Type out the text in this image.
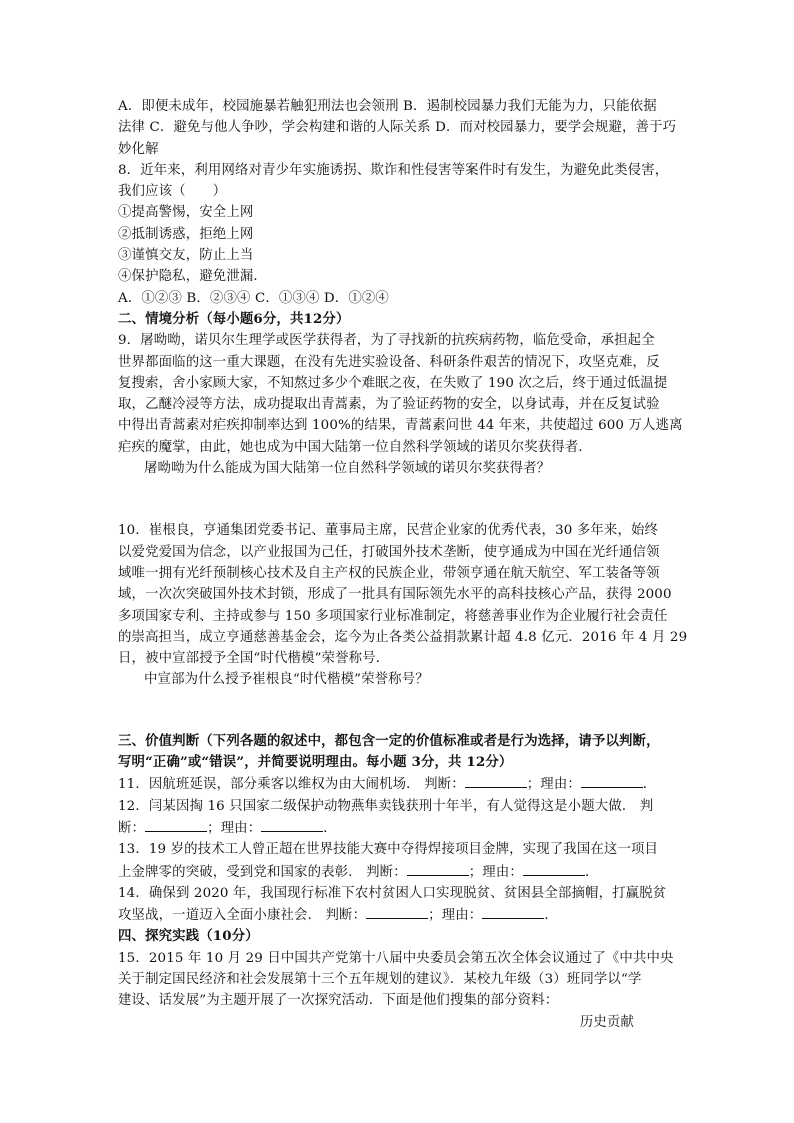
A．即便未成年，校园施暴若触犯刑法也会领刑 B．遏制校园暴力我们无能为力，只能依据
法律 C．避免与他人争吵，学会构建和谐的人际关系 D．而对校园暴力，要学会规避，善于巧
妙化解
8．近年来，利用网络对青少年实施诱拐、欺诈和性侵害等案件时有发生，为避免此类侵害，
我们应该（　　）
①提高警惕，安全上网
②抵制诱惑，拒绝上网
③谨慎交友，防止上当
④保护隐私，避免泄漏．
A．①②③ B．②③④ C．①③④ D．①②④
二、情境分析（每小题6分，共12分）
9．屠呦呦，诺贝尔生理学或医学获得者，为了寻找新的抗疾病药物，临危受命，承担起全
世界都面临的这一重大课题，在没有先进实验设备、科研条件艰苦的情况下，攻坚克难，反
复搜索，舍小家顾大家，不知熬过多少个难眠之夜，在失败了 190 次之后，终于通过低温提
取，乙醚冷浸等方法，成功提取出青蒿素，为了验证药物的安全，以身试毒，并在反复试验
中得出青蒿素对疟疾抑制率达到 100%的结果，青蒿素问世 44 年来，共使超过 600 万人逃离
疟疾的魔掌，由此，她也成为中国大陆第一位自然科学领域的诺贝尔奖获得者．
屠呦呦为什么能成为国大陆第一位自然科学领域的诺贝尔奖获得者？
10．崔根良，亨通集团党委书记、董事局主席，民营企业家的优秀代表，30 多年来，始终
以爱党爱国为信念，以产业报国为己任，打破国外技术垄断，使亨通成为中国在光纤通信领
域唯一拥有光纤预制核心技术及自主产权的民族企业，带领亨通在航天航空、军工装备等领
域，一次次突破国外技术封锁，形成了一批具有国际领先水平的高科技核心产品，获得 2000
多项国家专利、主持或参与 150 多项国家行业标准制定，将慈善事业作为企业履行社会责任
的崇高担当，成立亨通慈善基金会，迄今为止各类公益捐款累计超 4.8 亿元．2016 年 4 月 29
日，被中宣部授予全国“时代楷模”荣誉称号．
中宣部为什么授予崔根良“时代楷模”荣誉称号？
三、价值判断（下列各题的叙述中，都包含一定的价值标准或者是行为选择，请予以判断，
写明“正确”或“错误”，并简要说明理由。每小题 3分，共 12分）
11．因航班延误，部分乘客以维权为由大闹机场． 判断：	；理由：	．
12．闫某因掏 16 只国家二级保护动物燕隼卖钱获刑十年半，有人觉得这是小题大做． 判
断：	；理由：	．
13．19 岁的技术工人曾正超在世界技能大赛中夺得焊接项目金牌，实现了我国在这一项目
上金牌零的突破，受到党和国家的表彰． 判断：	；理由：	．
14．确保到 2020 年，我国现行标准下农村贫困人口实现脱贫、贫困县全部摘帽，打赢脱贫
攻坚战，一道迈入全面小康社会． 判断：	；理由：	．
四、探究实践（10分）
15．2015 年 10 月 29 日中国共产党第十八届中央委员会第五次全体会议通过了《中共中央
关于制定国民经济和社会发展第十三个五年规划的建议》．某校九年级（3）班同学以“学
建设、话发展”为主题开展了一次探究活动．下面是他们搜集的部分资料：
历史贡献
